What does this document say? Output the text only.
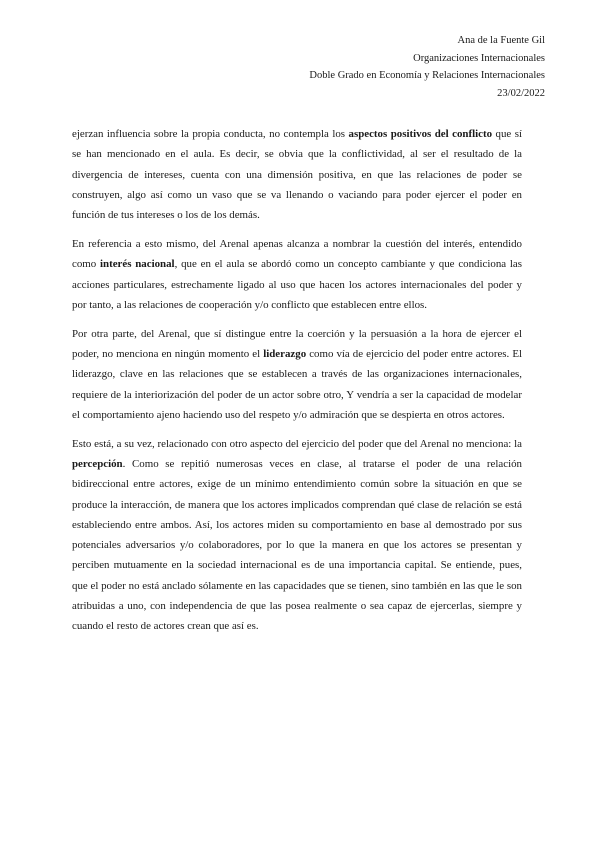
Ana de la Fuente Gil
Organizaciones Internacionales
Doble Grado en Economía y Relaciones Internacionales
23/02/2022

ejerzan influencia sobre la propia conducta, no contempla los aspectos positivos del conflicto que sí se han mencionado en el aula. Es decir, se obvia que la conflictividad, al ser el resultado de la divergencia de intereses, cuenta con una dimensión positiva, en que las relaciones de poder se construyen, algo así como un vaso que se va llenando o vaciando para poder ejercer el poder en función de tus intereses o los de los demás.

En referencia a esto mismo, del Arenal apenas alcanza a nombrar la cuestión del interés, entendido como interés nacional, que en el aula se abordó como un concepto cambiante y que condiciona las acciones particulares, estrechamente ligado al uso que hacen los actores internacionales del poder y por tanto, a las relaciones de cooperación y/o conflicto que establecen entre ellos.

Por otra parte, del Arenal, que sí distingue entre la coerción y la persuasión a la hora de ejercer el poder, no menciona en ningún momento el liderazgo como vía de ejercicio del poder entre actores. El liderazgo, clave en las relaciones que se establecen a través de las organizaciones internacionales, requiere de la interiorización del poder de un actor sobre otro, Y vendría a ser la capacidad de modelar el comportamiento ajeno haciendo uso del respeto y/o admiración que se despierta en otros actores.

Esto está, a su vez, relacionado con otro aspecto del ejercicio del poder que del Arenal no menciona: la percepción. Como se repitió numerosas veces en clase, al tratarse el poder de una relación bidireccional entre actores, exige de un mínimo entendimiento común sobre la situación en que se produce la interacción, de manera que los actores implicados comprendan qué clase de relación se está estableciendo entre ambos. Así, los actores miden su comportamiento en base al demostrado por sus potenciales adversarios y/o colaboradores, por lo que la manera en que los actores se presentan y perciben mutuamente en la sociedad internacional es de una importancia capital. Se entiende, pues, que el poder no está anclado sólamente en las capacidades que se tienen, sino también en las que le son atribuidas a uno, con independencia de que las posea realmente o sea capaz de ejercerlas, siempre y cuando el resto de actores crean que así es.
